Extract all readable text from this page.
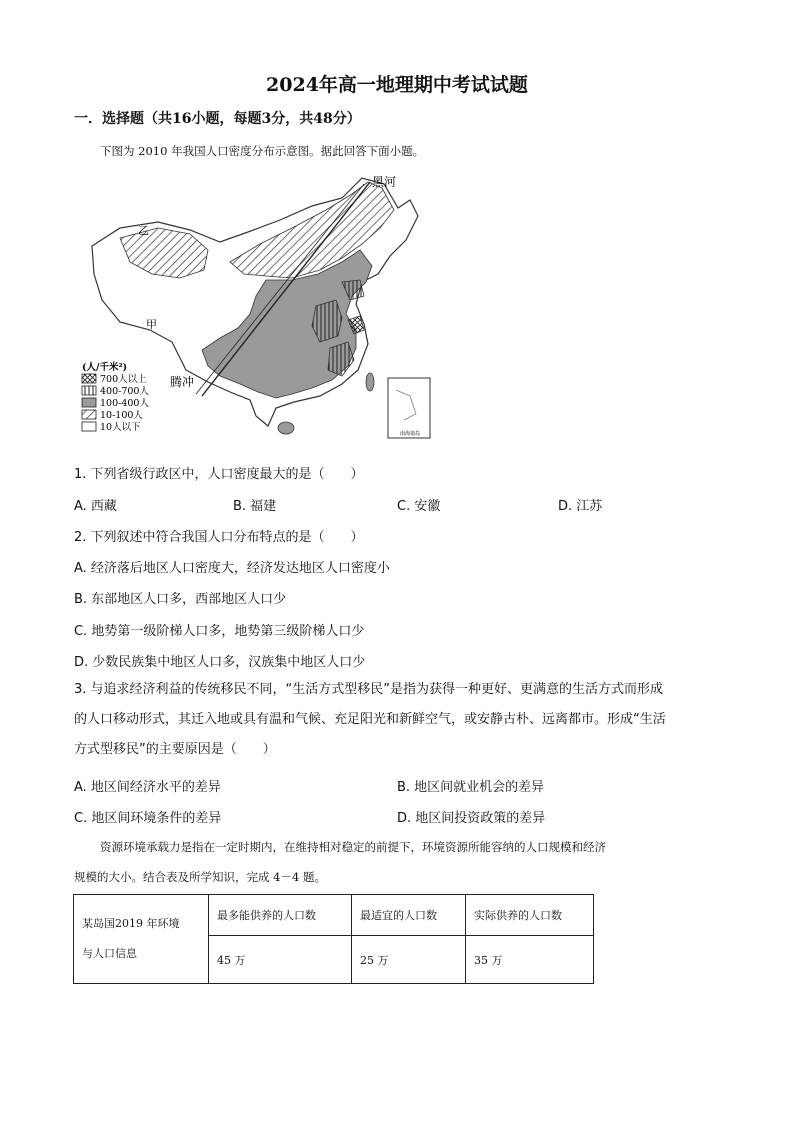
2024年高一地理期中考试试题
一．选择题（共16小题，每题3分，共48分）
下图为 2010 年我国人口密度分布示意图。据此回答下面小题。
黑河
腾冲
甲
乙
南海诸岛
(人/千米²)
700人以上
400-700人
100-400人
10-100人
10人以下
1. 下列省级行政区中，人口密度最大的是（　　）
A. 西藏	B. 福建	C. 安徽	D. 江苏
2. 下列叙述中符合我国人口分布特点的是（　　）
A. 经济落后地区人口密度大，经济发达地区人口密度小
B. 东部地区人口多，西部地区人口少
C. 地势第一级阶梯人口多，地势第三级阶梯人口少
D. 少数民族集中地区人口多，汉族集中地区人口少
3. 与追求经济利益的传统移民不同，“生活方式型移民”是指为获得一种更好、更满意的生活方式而形成
的人口移动形式，其迁入地或具有温和气候、充足阳光和新鲜空气，或安静古朴、远离都市。形成“生活
方式型移民”的主要原因是（　　）
A. 地区间经济水平的差异	B. 地区间就业机会的差异
C. 地区间环境条件的差异	D. 地区间投资政策的差异
资源环境承载力是指在一定时期内，在维持相对稳定的前提下，环境资源所能容纳的人口规模和经济
规模的大小。结合表及所学知识，完成 4－4 题。
某岛国2019 年环境
与人口信息	最多能供养的人口数	最适宜的人口数	实际供养的人口数
	45 万	25 万	35 万
